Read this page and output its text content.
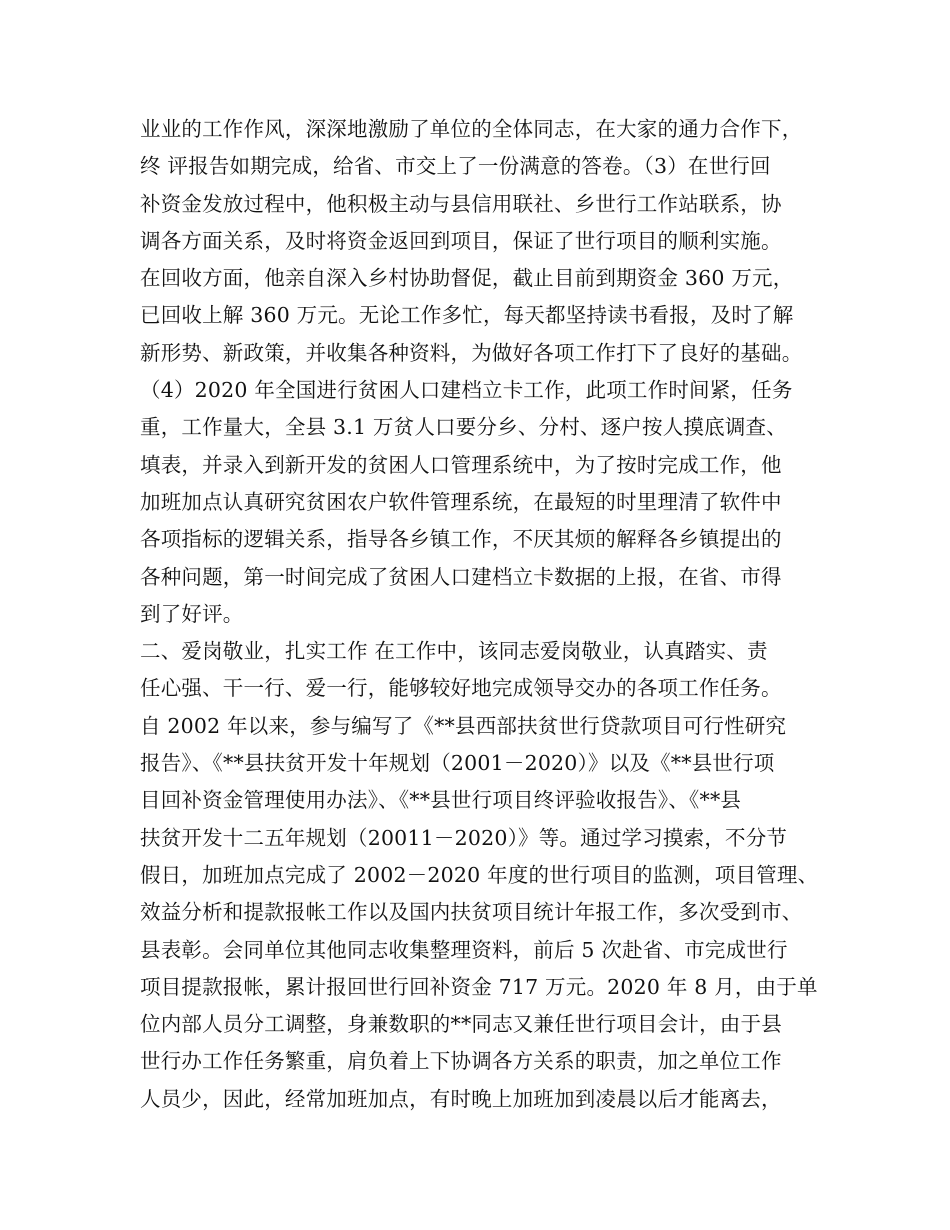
业业的工作作风，深深地激励了单位的全体同志，在大家的通力合作下，
终 评报告如期完成，给省、市交上了一份满意的答卷。（3）在世行回
补资金发放过程中，他积极主动与县信用联社、乡世行工作站联系，协
调各方面关系，及时将资金返回到项目，保证了世行项目的顺利实施。
在回收方面，他亲自深入乡村协助督促，截止目前到期资金 360 万元，
已回收上解 360 万元。无论工作多忙，每天都坚持读书看报，及时了解
新形势、新政策，并收集各种资料，为做好各项工作打下了良好的基础。
（4）2020 年全国进行贫困人口建档立卡工作，此项工作时间紧，任务
重，工作量大，全县 3.1 万贫人口要分乡、分村、逐户按人摸底调查、
填表，并录入到新开发的贫困人口管理系统中，为了按时完成工作，他
加班加点认真研究贫困农户软件管理系统，在最短的时里理清了软件中
各项指标的逻辑关系，指导各乡镇工作，不厌其烦的解释各乡镇提出的
各种问题，第一时间完成了贫困人口建档立卡数据的上报，在省、市得
到了好评。
二、爱岗敬业，扎实工作 在工作中，该同志爱岗敬业，认真踏实、责
任心强、干一行、爱一行，能够较好地完成领导交办的各项工作任务。
自 2002 年以来，参与编写了《**县西部扶贫世行贷款项目可行性研究
报告》、《**县扶贫开发十年规划（2001－2020）》以及《**县世行项
目回补资金管理使用办法》、《**县世行项目终评验收报告》、《**县
扶贫开发十二五年规划（20011－2020）》等。通过学习摸索，不分节
假日，加班加点完成了 2002－2020 年度的世行项目的监测，项目管理、
效益分析和提款报帐工作以及国内扶贫项目统计年报工作，多次受到市、
县表彰。会同单位其他同志收集整理资料，前后 5 次赴省、市完成世行
项目提款报帐，累计报回世行回补资金 717 万元。2020 年 8 月，由于单
位内部人员分工调整，身兼数职的**同志又兼任世行项目会计，由于县
世行办工作任务繁重，肩负着上下协调各方关系的职责，加之单位工作
人员少，因此，经常加班加点，有时晚上加班加到凌晨以后才能离去，
